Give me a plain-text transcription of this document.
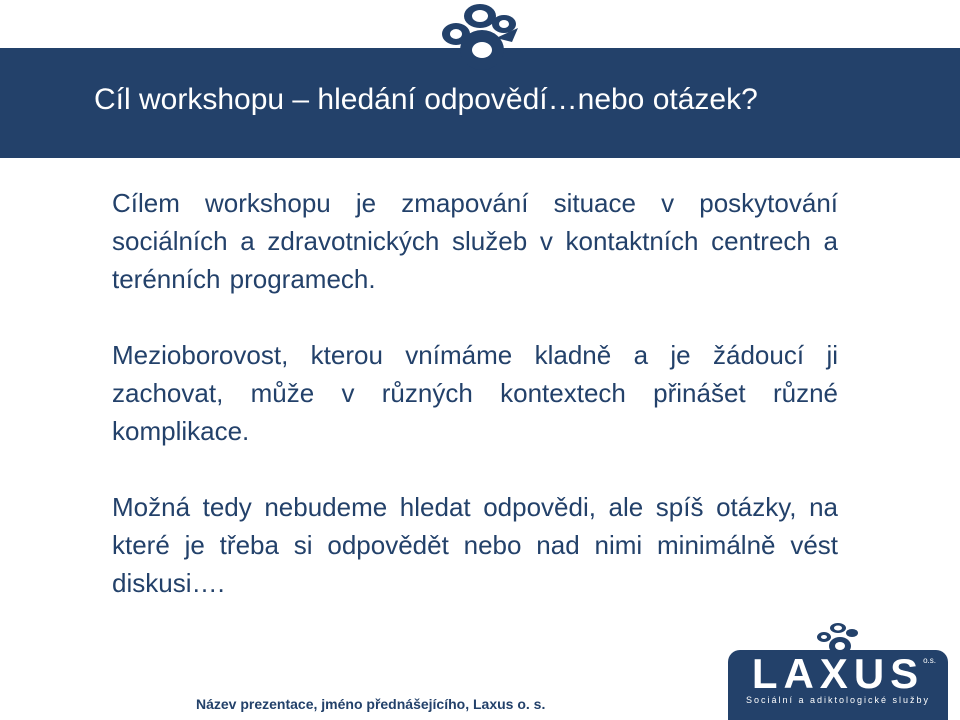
Cíl workshopu – hledání odpovědí…nebo otázek?

Cílem workshopu je zmapování situace v poskytování sociálních a zdravotnických služeb v kontaktních centrech a terénních programech.

Mezioborovost, kterou vnímáme kladně a je žádoucí ji zachovat, může v různých kontextech přinášet různé komplikace.

Možná tedy nebudeme hledat odpovědi, ale spíš otázky, na které je třeba si odpovědět nebo nad nimi minimálně vést diskusi….

Název prezentace, jméno přednášejícího, Laxus o. s.
LAXUS
o.s.
Sociální a adiktologické služby
